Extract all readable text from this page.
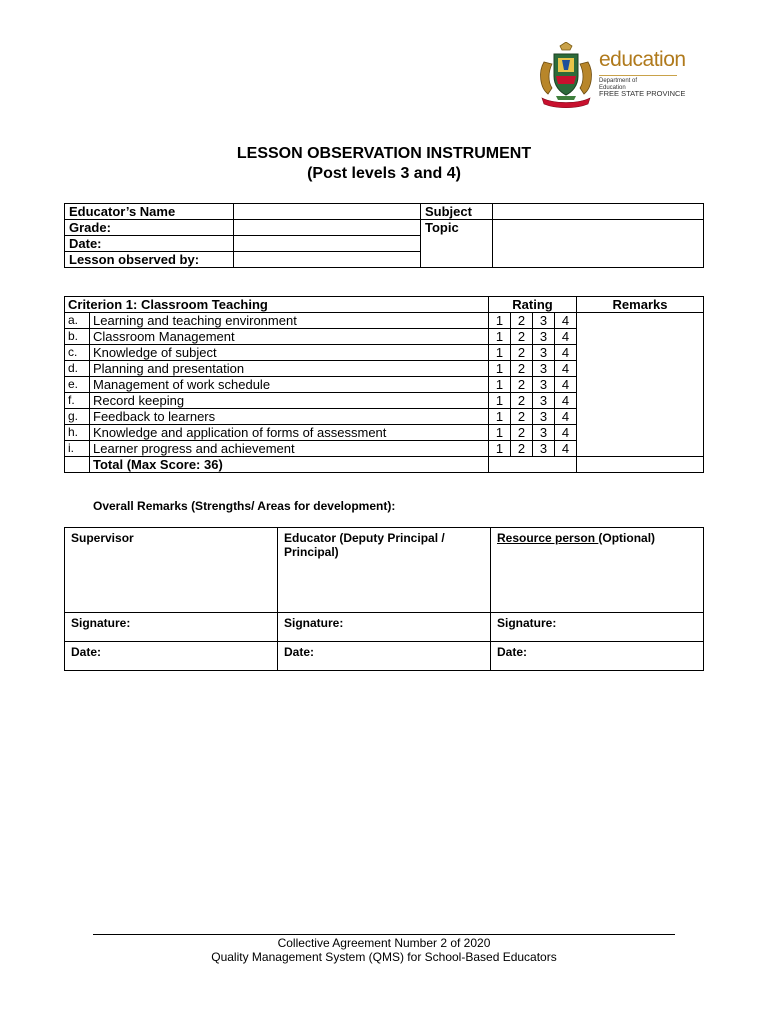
education
Department of
Education
FREE STATE PROVINCE
LESSON OBSERVATION INSTRUMENT
(Post levels 3 and 4)
Educator’s Name		Subject	
Grade:		Topic	
Date:			
Lesson observed by:			
Criterion 1: Classroom Teaching		Rating				Remarks
a.	Learning and teaching environment	1	2	3	4	
b.	Classroom Management	1	2	3	4	
c.	Knowledge of subject	1	2	3	4	
d.	Planning and presentation	1	2	3	4	
e.	Management of work schedule	1	2	3	4	
f.	Record keeping	1	2	3	4	
g.	Feedback to learners	1	2	3	4	
h.	Knowledge and application of forms of assessment	1	2	3	4	
i.	Learner progress and achievement	1	2	3	4	
	Total (Max Score: 36)					
Overall Remarks (Strengths/ Areas for development):
Supervisor	Educator (Deputy Principal / Principal)	Resource person (Optional)
Signature:	Signature:	Signature:
Date:	Date:	Date:
Collective Agreement Number 2 of 2020
Quality Management System (QMS) for School-Based Educators
